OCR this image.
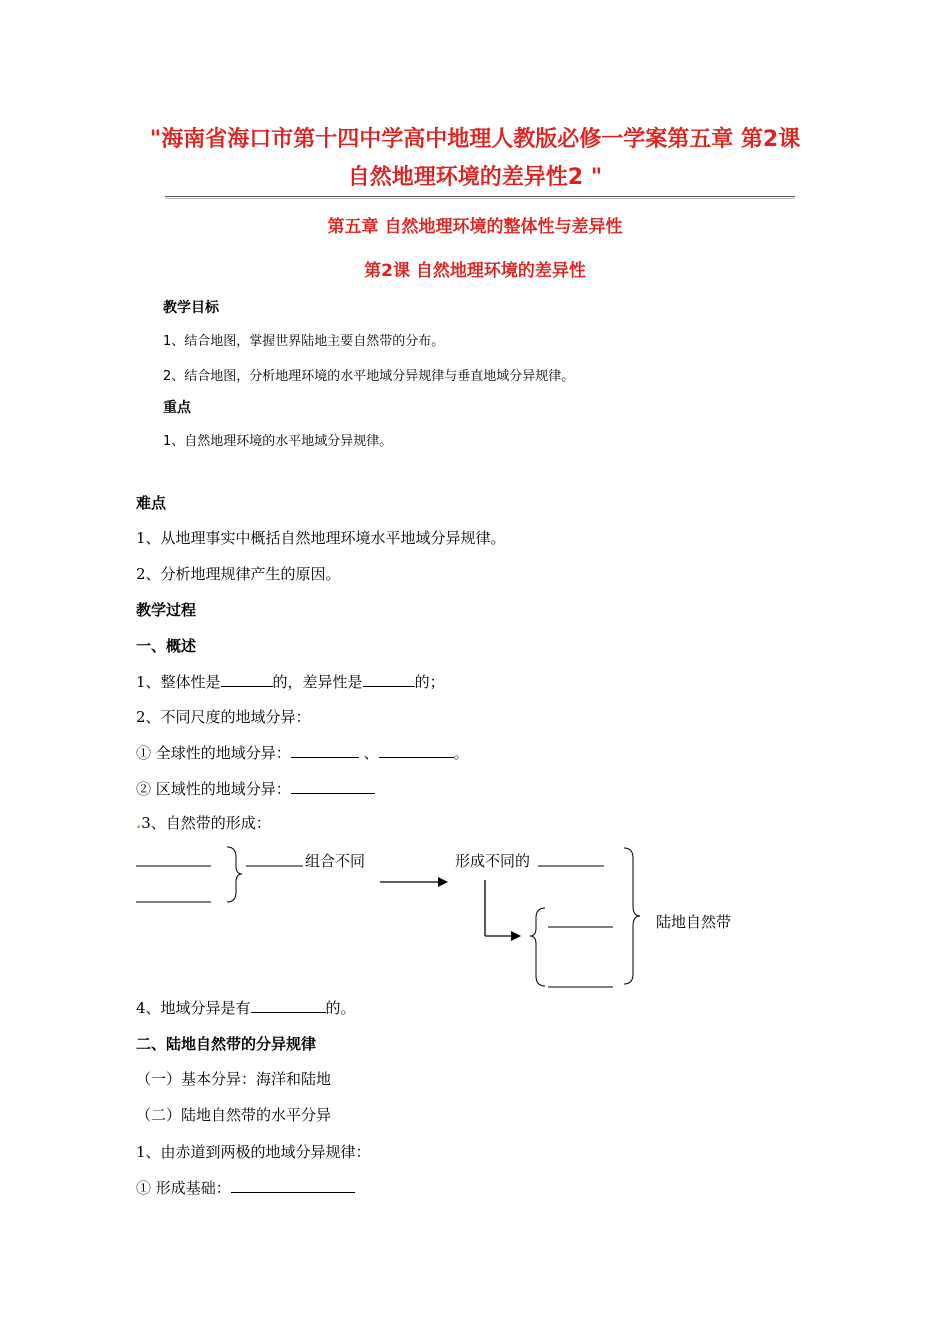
"海南省海口市第十四中学高中地理人教版必修一学案第五章 第2课
自然地理环境的差异性2 "
第五章 自然地理环境的整体性与差异性
第2课 自然地理环境的差异性
教学目标
1、结合地图，掌握世界陆地主要自然带的分布。
2、结合地图，分析地理环境的水平地域分异规律与垂直地域分异规律。
重点
1、自然地理环境的水平地域分异规律。
难点
1、从地理事实中概括自然地理环境水平地域分异规律。
2、分析地理规律产生的原因。
教学过程
一、概述
1、整体性是	的，差异性是	的；
2、不同尺度的地域分异：
① 全球性的地域分异：	、	。
② 区域性的地域分异：
.3、自然带的形成：
组合不同	形成不同的
陆地自然带
4、地域分异是有	的。
二、陆地自然带的分异规律
（一）基本分异：海洋和陆地
（二）陆地自然带的水平分异
1、由赤道到两极的地域分异规律：
① 形成基础：
